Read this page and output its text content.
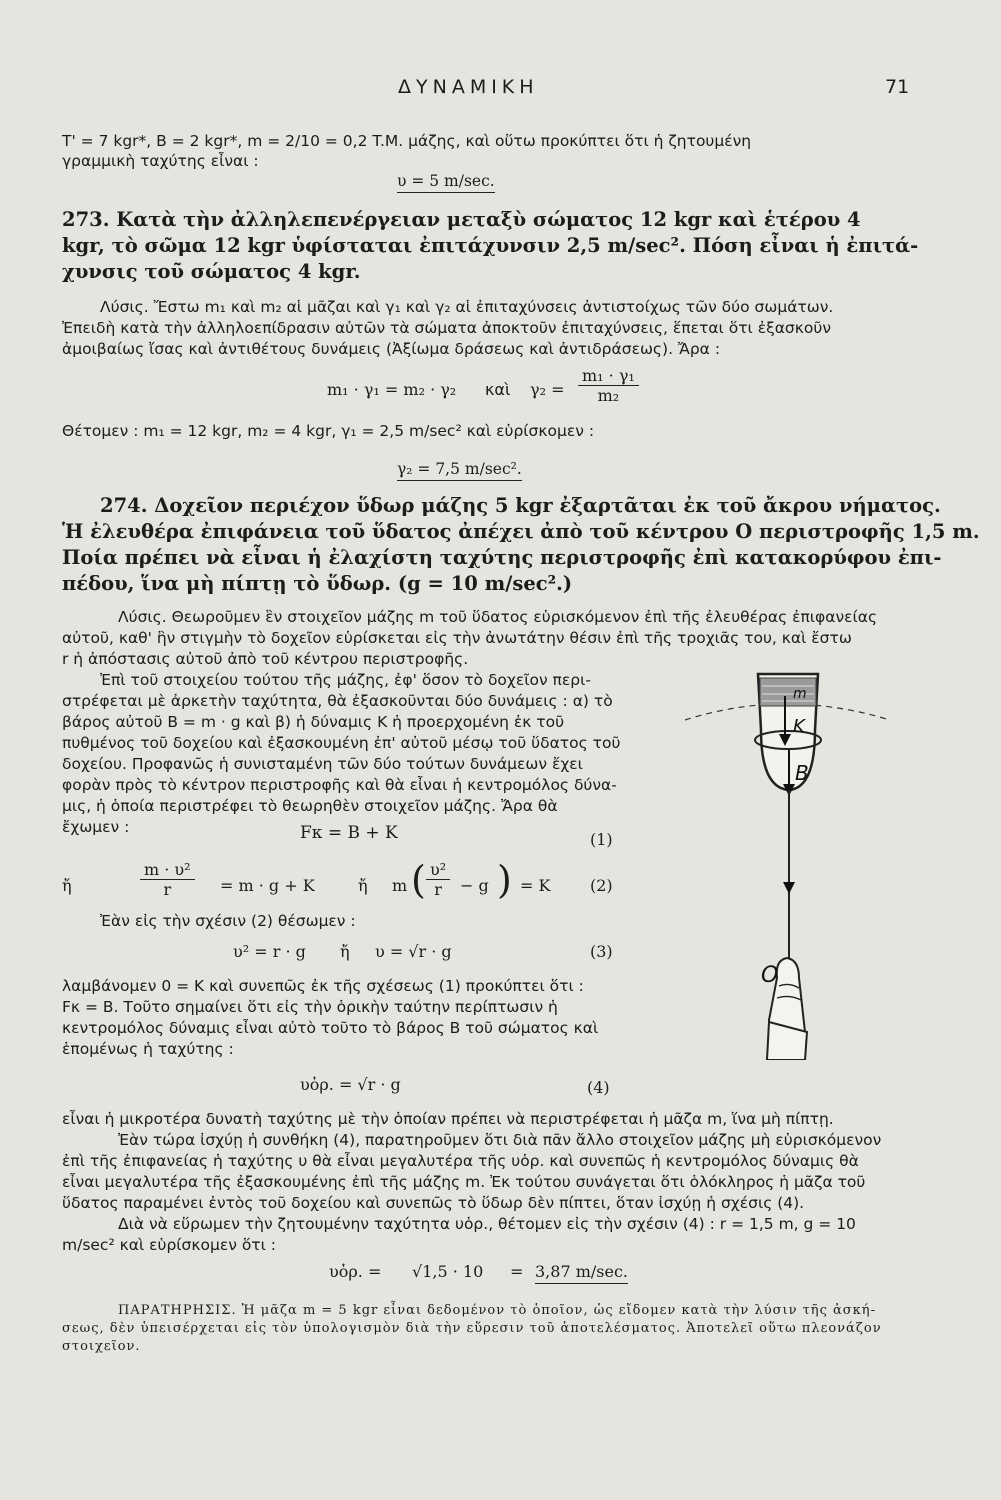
ΔΥΝΑΜΙΚΗ	71
T' = 7 kgr*, B = 2 kgr*, m = 2/10 = 0,2 T.M. μάζης, καὶ οὕτω προκύπτει ὅτι ἡ ζητουμένη
γραμμικὴ ταχύτης εἶναι :
υ = 5 m/sec.
273. Κατὰ τὴν ἀλληλεπενέργειαν μεταξὺ σώματος 12 kgr καὶ ἑτέρου 4
kgr, τὸ σῶμα 12 kgr ὑφίσταται ἐπιτάχυνσιν 2,5 m/sec². Πόση εἶναι ἡ ἐπιτά-
χυνσις τοῦ σώματος 4 kgr.
Λύσις. Ἔστω m₁ καὶ m₂ αἱ μᾶζαι καὶ γ₁ καὶ γ₂ αἱ ἐπιταχύνσεις ἀντιστοίχως τῶν δύο σωμάτων.
Ἐπειδὴ κατὰ τὴν ἀλληλοεπίδρασιν αὐτῶν τὰ σώματα ἀποκτοῦν ἐπιταχύνσεις, ἕπεται ὅτι ἐξασκοῦν
ἀμοιβαίως ἴσας καὶ ἀντιθέτους δυνάμεις (Ἀξίωμα δράσεως καὶ ἀντιδράσεως). Ἄρα :
m₁ · γ₁ = m₂ · γ₂ καὶ $\gamma_2 = \frac{\text{m₁ · γ₁}}{\text{m₂}}$
Θέτομεν : m₁ = 12 kgr, m₂ = 4 kgr, γ₁ = 2,5 m/sec² καὶ εὑρίσκομεν :
γ₂ = 7,5 m/sec².
274. Δοχεῖον περιέχον ὕδωρ μάζης 5 kgr ἐξαρτᾶται ἐκ τοῦ ἄκρου νήματος.
Ἡ ἐλευθέρα ἐπιφάνεια τοῦ ὕδατος ἀπέχει ἀπὸ τοῦ κέντρου Ο περιστροφῆς 1,5 m.
Ποία πρέπει νὰ εἶναι ἡ ἐλαχίστη ταχύτης περιστροφῆς ἐπὶ κατακορύφου ἐπι-
πέδου, ἵνα μὴ πίπτῃ τὸ ὕδωρ. (g = 10 m/sec².)
Λύσις. Θεωροῦμεν ἓν στοιχεῖον μάζης m τοῦ ὕδατος εὑρισκόμενον ἐπὶ τῆς ἐλευθέρας ἐπιφανείας
αὐτοῦ, καθ' ἣν στιγμὴν τὸ δοχεῖον εὑρίσκεται εἰς τὴν ἀνωτάτην θέσιν ἐπὶ τῆς τροχιᾶς του, καὶ ἔστω
r ἡ ἀπόστασις αὐτοῦ ἀπὸ τοῦ κέντρου περιστροφῆς.
Ἐπὶ τοῦ στοιχείου τούτου τῆς μάζης, ἐφ' ὅσον τὸ δοχεῖον περι-
στρέφεται μὲ ἀρκετὴν ταχύτητα, θὰ ἐξασκοῦνται δύο δυνάμεις : α) τὸ
βάρος αὐτοῦ B = m · g καὶ β) ἡ δύναμις K ἡ προερχομένη ἐκ τοῦ
πυθμένος τοῦ δοχείου καὶ ἐξασκουμένη ἐπ' αὐτοῦ μέσῳ τοῦ ὕδατος τοῦ
δοχείου. Προφανῶς ἡ συνισταμένη τῶν δύο τούτων δυνάμεων ἔχει
φορὰν πρὸς τὸ κέντρον περιστροφῆς καὶ θὰ εἶναι ἡ κεντρομόλος δύνα-
μις, ἡ ὁποία περιστρέφει τὸ θεωρηθὲν στοιχεῖον μάζης. Ἄρα θὰ
ἔχωμεν :	Fκ = B + K	(1)
ἤ	$\frac{\text{m · υ²}}{r} = m \cdot g + K$	ἤ m ( $\frac{\text{υ²}}{r} - g$ ) = K (2)
Ἐὰν εἰς τὴν σχέσιν (2) θέσωμεν :
υ² = r · g ἤ υ = √r · g	(3)
λαμβάνομεν 0 = K καὶ συνεπῶς ἐκ τῆς σχέσεως (1) προκύπτει ὅτι :
Fκ = B. Τοῦτο σημαίνει ὅτι εἰς τὴν ὁρικὴν ταύτην περίπτωσιν ἡ
κεντρομόλος δύναμις εἶναι αὐτὸ τοῦτο τὸ βάρος B τοῦ σώματος καὶ
ἑπομένως ἡ ταχύτης :
υὁρ. = √r · g	(4)
εἶναι ἡ μικροτέρα δυνατὴ ταχύτης μὲ τὴν ὁποίαν πρέπει νὰ περιστρέφεται ἡ μᾶζα m, ἵνα μὴ πίπτῃ.
Ἐὰν τώρα ἰσχύῃ ἡ συνθήκη (4), παρατηροῦμεν ὅτι διὰ πᾶν ἄλλο στοιχεῖον μάζης μὴ εὑρισκόμενον
ἐπὶ τῆς ἐπιφανείας ἡ ταχύτης υ θὰ εἶναι μεγαλυτέρα τῆς υὁρ. καὶ συνεπῶς ἡ κεντρομόλος δύναμις θὰ
εἶναι μεγαλυτέρα τῆς ἐξασκουμένης ἐπὶ τῆς μάζης m. Ἐκ τούτου συνάγεται ὅτι ὁλόκληρος ἡ μᾶζα τοῦ
ὕδατος παραμένει ἐντὸς τοῦ δοχείου καὶ συνεπῶς τὸ ὕδωρ δὲν πίπτει, ὅταν ἰσχύῃ ἡ σχέσις (4).
Διὰ νὰ εὕρωμεν τὴν ζητουμένην ταχύτητα υὁρ., θέτομεν εἰς τὴν σχέσιν (4) : r = 1,5 m, g = 10
m/sec² καὶ εὑρίσκομεν ὅτι :
υὁρ. = √1,5 · 10 = 3,87 m/sec.
ΠΑΡΑΤΗΡΗΣΙΣ. Ἡ μᾶζα m = 5 kgr εἶναι δεδομένον τὸ ὁποῖον, ὡς εἴδομεν κατὰ τὴν λύσιν τῆς ἀσκή-
σεως, δὲν ὑπεισέρχεται εἰς τὸν ὑπολογισμὸν διὰ τὴν εὕρεσιν τοῦ ἀποτελέσματος. Ἀποτελεῖ οὕτω πλεονάζον
στοιχεῖον.
m
K
B
O
